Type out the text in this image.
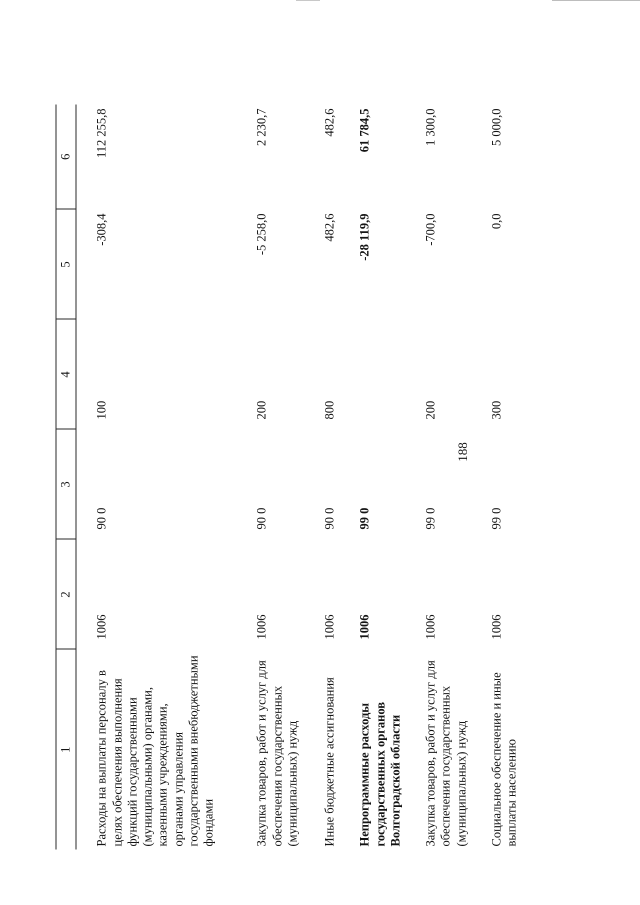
188
1	2	3	4	5	6

Расходы на выплаты персоналу в целях обеспечения выполнения функций государственными (муниципальными) органами, казенными учреждениями, органами управления государственными внебюджетными фондами	1006	90 0	100	-308,4	112 255,8
Закупка товаров, работ и услуг для обеспечения государственных (муниципальных) нужд	1006	90 0	200	-5 258,0	2 230,7
Иные бюджетные ассигнования	1006	90 0	800	482,6	482,6
Непрограммные расходы государственных органов Волгоградской области	1006	99 0		-28 119,9	61 784,5
Закупка товаров, работ и услуг для обеспечения государственных (муниципальных) нужд	1006	99 0	200	-700,0	1 300,0
Социальное обеспечение и иные выплаты населению	1006	99 0	300	0,0	5 000,0
